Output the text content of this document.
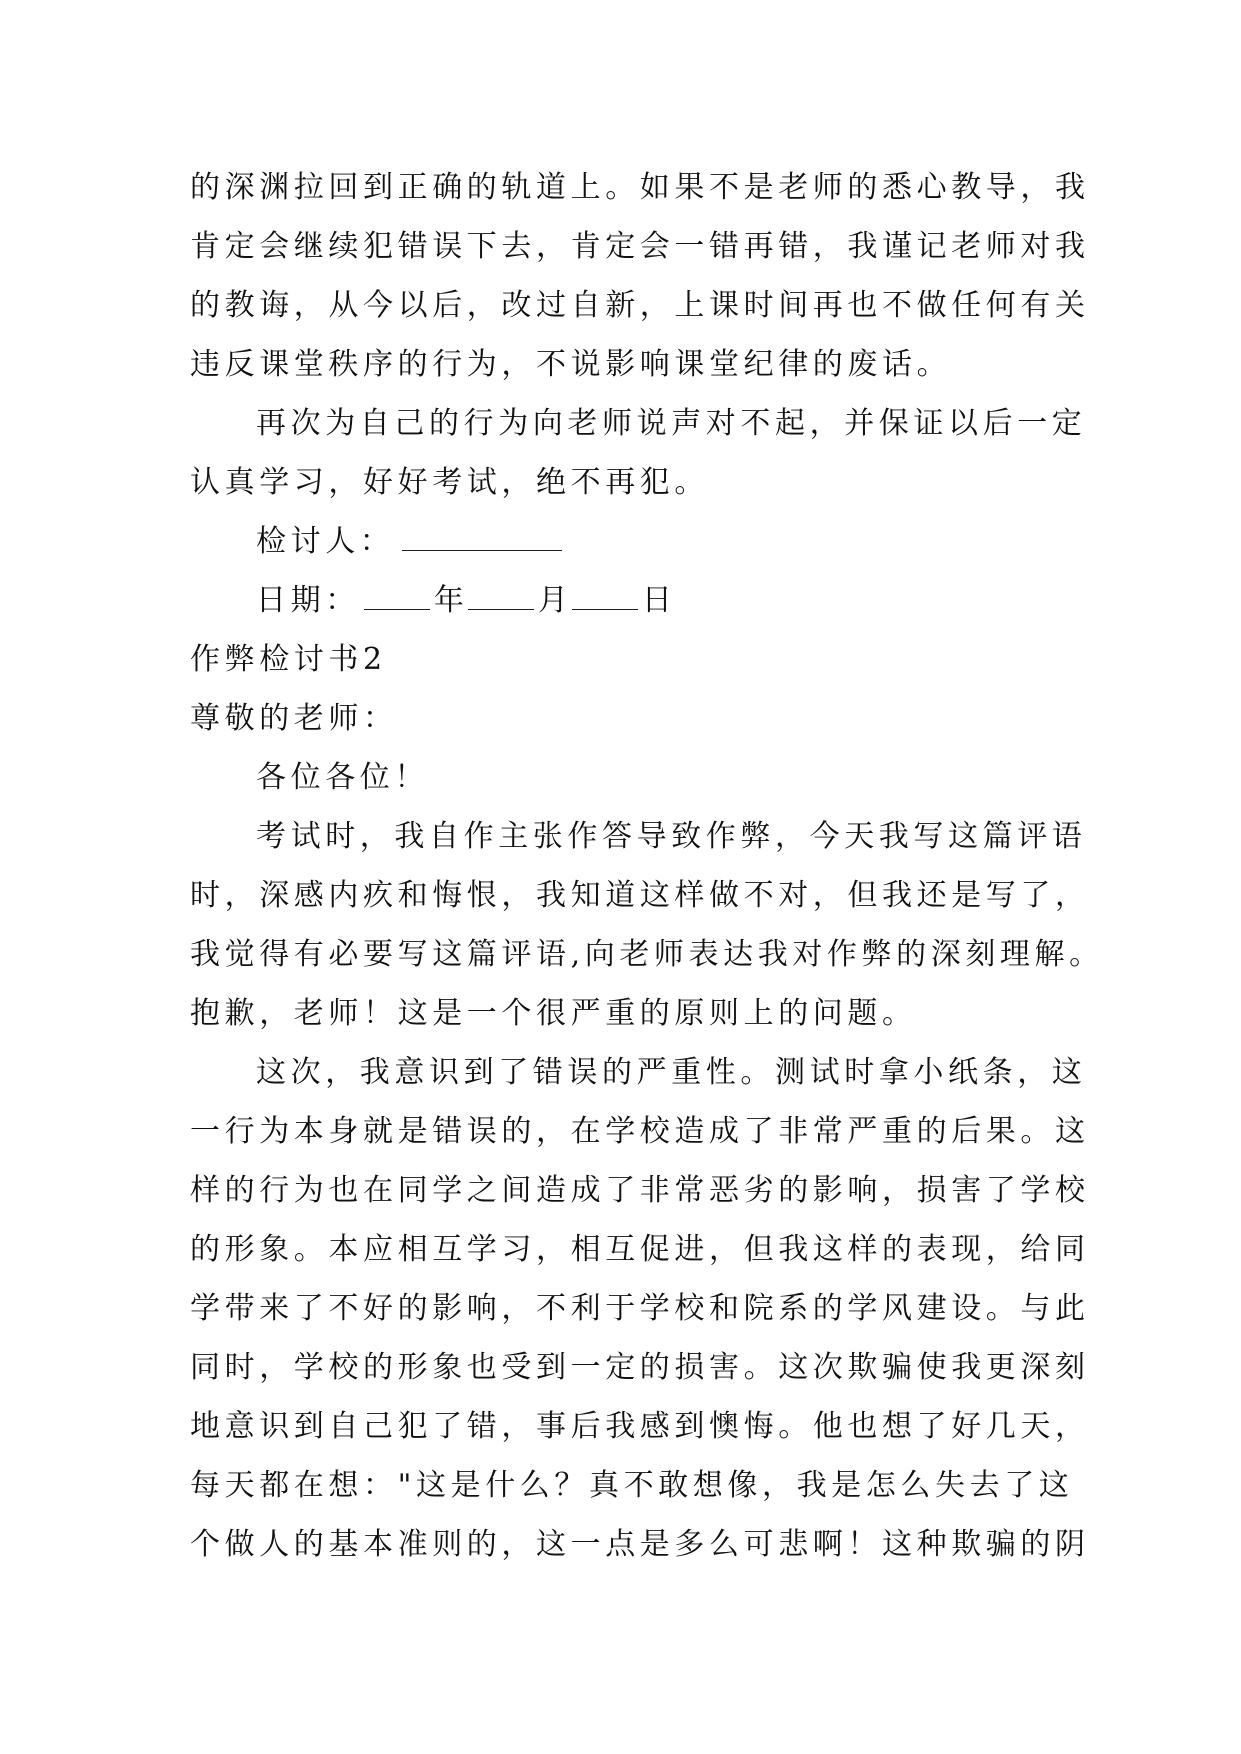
的深渊拉回到正确的轨道上。如果不是老师的悉心教导，我
肯定会继续犯错误下去，肯定会一错再错，我谨记老师对我
的教诲，从今以后，改过自新，上课时间再也不做任何有关
违反课堂秩序的行为，不说影响课堂纪律的废话。
再次为自己的行为向老师说声对不起，并保证以后一定
认真学习，好好考试，绝不再犯。
检讨人：
日期： 年 月 日
作弊检讨书2
尊敬的老师：
各位各位！
考试时，我自作主张作答导致作弊，今天我写这篇评语
时，深感内疚和悔恨，我知道这样做不对，但我还是写了，
我觉得有必要写这篇评语,向老师表达我对作弊的深刻理解。
抱歉，老师！这是一个很严重的原则上的问题。
这次，我意识到了错误的严重性。测试时拿小纸条，这
一行为本身就是错误的，在学校造成了非常严重的后果。这
样的行为也在同学之间造成了非常恶劣的影响，损害了学校
的形象。本应相互学习，相互促进，但我这样的表现，给同
学带来了不好的影响，不利于学校和院系的学风建设。与此
同时，学校的形象也受到一定的损害。这次欺骗使我更深刻
地意识到自己犯了错，事后我感到懊悔。他也想了好几天，
每天都在想："这是什么？真不敢想像，我是怎么失去了这
个做人的基本准则的，这一点是多么可悲啊！这种欺骗的阴
